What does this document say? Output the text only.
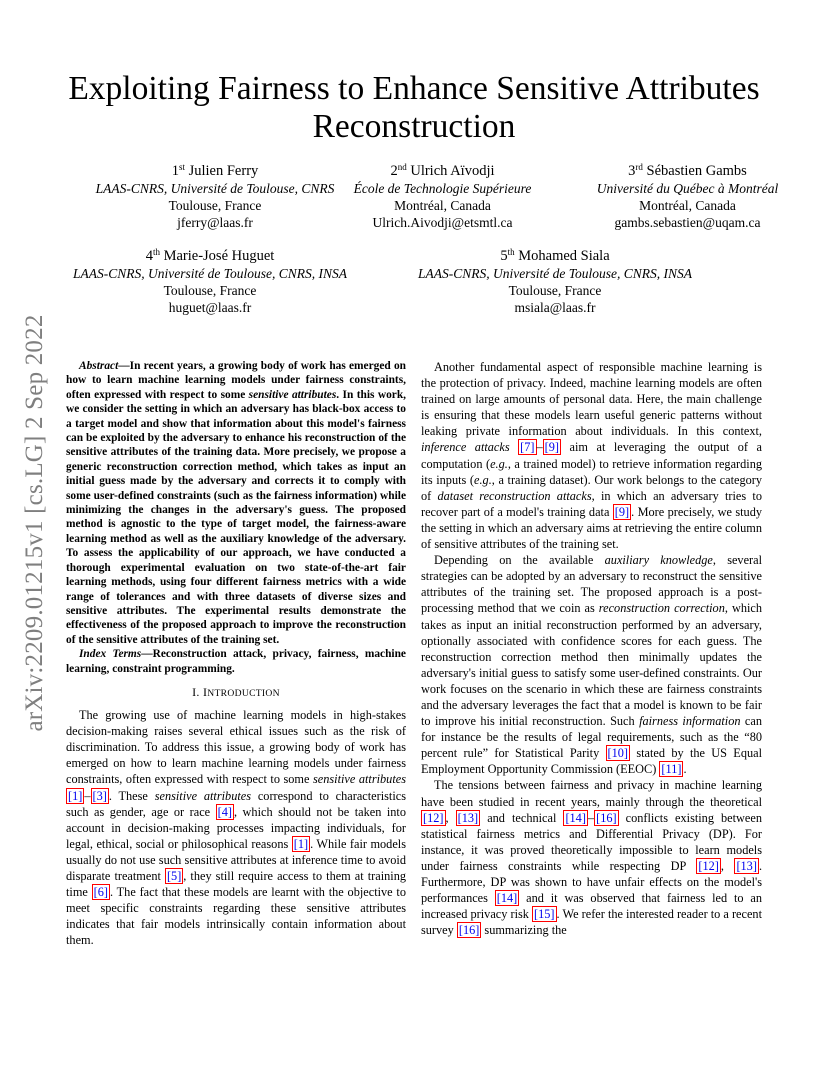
Exploiting Fairness to Enhance Sensitive Attributes Reconstruction
1st Julien Ferry
LAAS-CNRS, Université de Toulouse, CNRS
Toulouse, France
jferry@laas.fr
2nd Ulrich Aïvodji
École de Technologie Supérieure
Montréal, Canada
Ulrich.Aivodji@etsmtl.ca
3rd Sébastien Gambs
Université du Québec à Montréal
Montréal, Canada
gambs.sebastien@uqam.ca
4th Marie-José Huguet
LAAS-CNRS, Université de Toulouse, CNRS, INSA
Toulouse, France
huguet@laas.fr
5th Mohamed Siala
LAAS-CNRS, Université de Toulouse, CNRS, INSA
Toulouse, France
msiala@laas.fr
arXiv:2209.01215v1 [cs.LG] 2 Sep 2022	Abstract—In recent years, a growing body of work has emerged on how to learn machine learning models under fairness constraints, often expressed with respect to some sensitive attributes. In this work, we consider the setting in which an adversary has black-box access to a target model and show that information about this model's fairness can be exploited by the adversary to enhance his reconstruction of the sensitive attributes of the training data. More precisely, we propose a generic reconstruction correction method, which takes as input an initial guess made by the adversary and corrects it to comply with some user-defined constraints (such as the fairness information) while minimizing the changes in the adversary's guess. The proposed method is agnostic to the type of target model, the fairness-aware learning method as well as the auxiliary knowledge of the adversary. To assess the applicability of our approach, we have conducted a thorough experimental evaluation on two state-of-the-art fair learning methods, using four different fairness metrics with a wide range of tolerances and with three datasets of diverse sizes and sensitive attributes. The experimental results demonstrate the effectiveness of the proposed approach to improve the reconstruction of the sensitive attributes of the training set.

Index Terms—Reconstruction attack, privacy, fairness, machine learning, constraint programming.

I. INTRODUCTION

The growing use of machine learning models in high-stakes decision-making raises several ethical issues such as the risk of discrimination. To address this issue, a growing body of work has emerged on how to learn machine learning models under fairness constraints, often expressed with respect to some sensitive attributes [1] – [3] . These sensitive attributes correspond to characteristics such as gender, age or race [4] , which should not be taken into account in decision-making processes impacting individuals, for legal, ethical, social or philosophical reasons [1] . While fair models usually do not use such sensitive attributes at inference time to avoid disparate treatment [5] , they still require access to them at training time [6] . The fact that these models are learnt with the objective to meet specific constraints regarding these sensitive attributes indicates that fair models intrinsically contain information about them.

Another fundamental aspect of responsible machine learning is the protection of privacy. Indeed, machine learning models are often trained on large amounts of personal data. Here, the main challenge is ensuring that these models learn useful generic patterns without leaking private information about individuals. In this context, inference attacks [7] – [9] aim at leveraging the output of a computation (e.g., a trained model) to retrieve information regarding its inputs (e.g., a training dataset). Our work belongs to the category of dataset reconstruction attacks, in which an adversary tries to recover part of a model's training data [9] . More precisely, we study the setting in which an adversary aims at retrieving the entire column of sensitive attributes of the training set.

Depending on the available auxiliary knowledge, several strategies can be adopted by an adversary to reconstruct the sensitive attributes of the training set. The proposed approach is a post-processing method that we coin as reconstruction correction, which takes as input an initial reconstruction performed by an adversary, optionally associated with confidence scores for each guess. The reconstruction correction method then minimally updates the adversary's initial guess to satisfy some user-defined constraints. Our work focuses on the scenario in which these are fairness constraints and the adversary leverages the fact that a model is known to be fair to improve his initial reconstruction. Such fairness information can for instance be the results of legal requirements, such as the “80 percent rule” for Statistical Parity [10] stated by the US Equal Employment Opportunity Commission (EEOC) [11] .

The tensions between fairness and privacy in machine learning have been studied in recent years, mainly through the theoretical [12] , [13] and technical [14] – [16] conflicts existing between statistical fairness metrics and Differential Privacy (DP). For instance, it was proved theoretically impossible to learn models under fairness constraints while respecting DP [12] , [13] . Furthermore, DP was shown to have unfair effects on the model's performances [14] and it was observed that fairness led to an increased privacy risk [15] . We refer the interested reader to a recent survey [16] summarizing the
